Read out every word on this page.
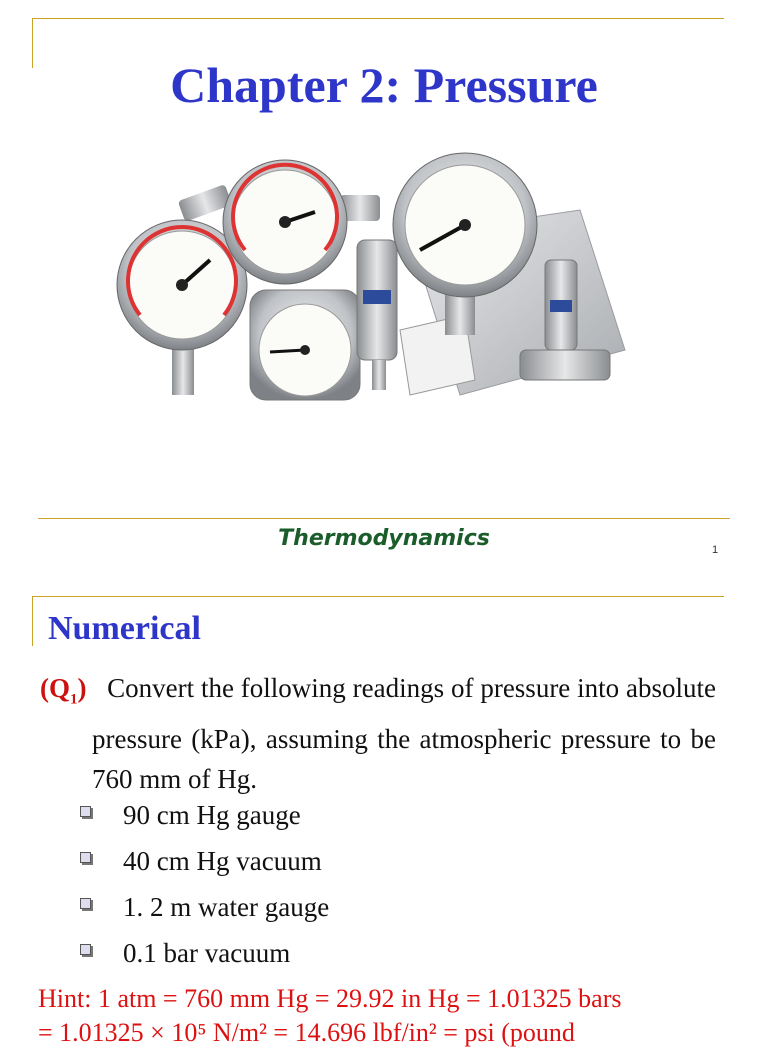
Chapter 2: Pressure
Thermodynamics	1
Numerical

$(Q_1)$ Convert the following readings of pressure into absolute pressure (kPa), assuming the atmospheric pressure to be 760 mm of Hg.

90 cm Hg gauge
40 cm Hg vacuum
1. 2 m water gauge
0.1 bar vacuum

Hint: 1 atm = 760 mm Hg = 29.92 in Hg = 1.01325 bars
= 1.01325 × 10⁵ N/m² = 14.696 lbf/in² = psi (pound
